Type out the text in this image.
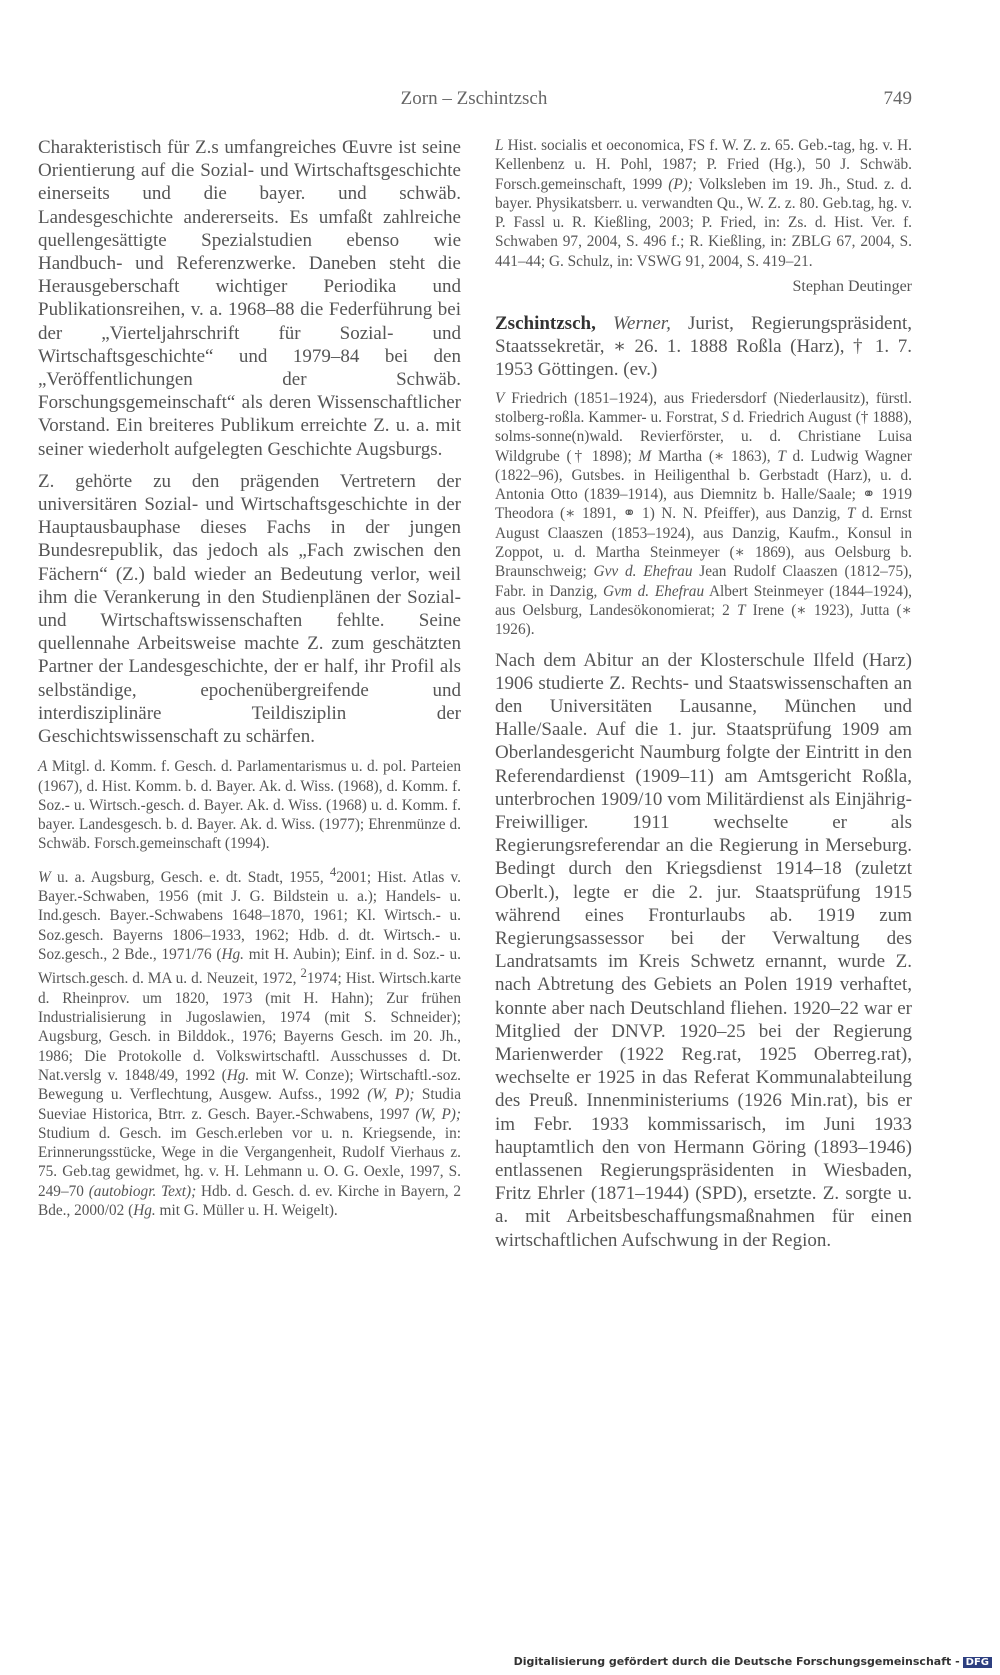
Zorn – Zschintzsch	749

Charakteristisch für Z.s umfangreiches Œuvre ist seine Orientierung auf die Sozial- und Wirtschaftsgeschichte einerseits und die bayer. und schwäb. Landesgeschichte andererseits. Es umfaßt zahlreiche quellengesättigte Spezialstudien ebenso wie Handbuch- und Referenzwerke. Daneben steht die Herausgeberschaft wichtiger Periodika und Publikationsreihen, v. a. 1968–88 die Federführung bei der „Vierteljahrschrift für Sozial- und Wirtschaftsgeschichte“ und 1979–84 bei den „Veröffentlichungen der Schwäb. Forschungsgemeinschaft“ als deren Wissenschaftlicher Vorstand. Ein breiteres Publikum erreichte Z. u. a. mit seiner wiederholt aufgelegten Geschichte Augsburgs.

Z. gehörte zu den prägenden Vertretern der universitären Sozial- und Wirtschaftsgeschichte in der Hauptausbauphase dieses Fachs in der jungen Bundesrepublik, das jedoch als „Fach zwischen den Fächern“ (Z.) bald wieder an Bedeutung verlor, weil ihm die Verankerung in den Studienplänen der Sozial- und Wirtschaftswissenschaften fehlte. Seine quellennahe Arbeitsweise machte Z. zum geschätzten Partner der Landesgeschichte, der er half, ihr Profil als selbständige, epochenübergreifende und interdisziplinäre Teildisziplin der Geschichtswissenschaft zu schärfen.

A Mitgl. d. Komm. f. Gesch. d. Parlamentarismus u. d. pol. Parteien (1967), d. Hist. Komm. b. d. Bayer. Ak. d. Wiss. (1968), d. Komm. f. Soz.- u. Wirtsch.-gesch. d. Bayer. Ak. d. Wiss. (1968) u. d. Komm. f. bayer. Landesgesch. b. d. Bayer. Ak. d. Wiss. (1977); Ehrenmünze d. Schwäb. Forsch.gemeinschaft (1994).

W u. a. Augsburg, Gesch. e. dt. Stadt, 1955, $^4$2001; Hist. Atlas v. Bayer.-Schwaben, 1956 (mit J. G. Bildstein u. a.); Handels- u. Ind.gesch. Bayer.-Schwabens 1648–1870, 1961; Kl. Wirtsch.- u. Soz.gesch. Bayerns 1806–1933, 1962; Hdb. d. dt. Wirtsch.- u. Soz.gesch., 2 Bde., 1971/76 (Hg. mit H. Aubin); Einf. in d. Soz.- u. Wirtsch.gesch. d. MA u. d. Neuzeit, 1972, $^2$1974; Hist. Wirtsch.karte d. Rheinprov. um 1820, 1973 (mit H. Hahn); Zur frühen Industrialisierung in Jugoslawien, 1974 (mit S. Schneider); Augsburg, Gesch. in Bilddok., 1976; Bayerns Gesch. im 20. Jh., 1986; Die Protokolle d. Volkswirtschaftl. Ausschusses d. Dt. Nat.verslg v. 1848/49, 1992 (Hg. mit W. Conze); Wirtschaftl.-soz. Bewegung u. Verflechtung, Ausgew. Aufss., 1992 (W, P); Studia Sueviae Historica, Btrr. z. Gesch. Bayer.-Schwabens, 1997 (W, P); Studium d. Gesch. im Gesch.erleben vor u. n. Kriegsende, in: Erinnerungsstücke, Wege in die Vergangenheit, Rudolf Vierhaus z. 75. Geb.tag gewidmet, hg. v. H. Lehmann u. O. G. Oexle, 1997, S. 249–70 (autobiogr. Text); Hdb. d. Gesch. d. ev. Kirche in Bayern, 2 Bde., 2000/02 (Hg. mit G. Müller u. H. Weigelt).

L Hist. socialis et oeconomica, FS f. W. Z. z. 65. Geb.-tag, hg. v. H. Kellenbenz u. H. Pohl, 1987; P. Fried (Hg.), 50 J. Schwäb. Forsch.gemeinschaft, 1999 (P); Volksleben im 19. Jh., Stud. z. d. bayer. Physikatsberr. u. verwandten Qu., W. Z. z. 80. Geb.tag, hg. v. P. Fassl u. R. Kießling, 2003; P. Fried, in: Zs. d. Hist. Ver. f. Schwaben 97, 2004, S. 496 f.; R. Kießling, in: ZBLG 67, 2004, S. 441–44; G. Schulz, in: VSWG 91, 2004, S. 419–21.

Stephan Deutinger

Zschintzsch, Werner, Jurist, Regierungspräsident, Staatssekretär, ∗ 26. 1. 1888 Roßla (Harz), † 1. 7. 1953 Göttingen. (ev.)

V Friedrich (1851–1924), aus Friedersdorf (Niederlausitz), fürstl. stolberg-roßla. Kammer- u. Forstrat, S d. Friedrich August († 1888), solms-sonne(n)wald. Revierförster, u. d. Christiane Luisa Wildgrube († 1898); M Martha (∗ 1863), T d. Ludwig Wagner (1822–96), Gutsbes. in Heiligenthal b. Gerbstadt (Harz), u. d. Antonia Otto (1839–1914), aus Diemnitz b. Halle/Saale; ⚭ 1919 Theodora (∗ 1891, ⚭ 1) N. N. Pfeiffer), aus Danzig, T d. Ernst August Claaszen (1853–1924), aus Danzig, Kaufm., Konsul in Zoppot, u. d. Martha Steinmeyer (∗ 1869), aus Oelsburg b. Braunschweig; Gvv d. Ehefrau Jean Rudolf Claaszen (1812–75), Fabr. in Danzig, Gvm d. Ehefrau Albert Steinmeyer (1844–1924), aus Oelsburg, Landesökonomierat; 2 T Irene (∗ 1923), Jutta (∗ 1926).

Nach dem Abitur an der Klosterschule Ilfeld (Harz) 1906 studierte Z. Rechts- und Staatswissenschaften an den Universitäten Lausanne, München und Halle/Saale. Auf die 1. jur. Staatsprüfung 1909 am Oberlandesgericht Naumburg folgte der Eintritt in den Referendardienst (1909–11) am Amtsgericht Roßla, unterbrochen 1909/10 vom Militärdienst als Einjährig-Freiwilliger. 1911 wechselte er als Regierungsreferendar an die Regierung in Merseburg. Bedingt durch den Kriegsdienst 1914–18 (zuletzt Oberlt.), legte er die 2. jur. Staatsprüfung 1915 während eines Fronturlaubs ab. 1919 zum Regierungsassessor bei der Verwaltung des Landratsamts im Kreis Schwetz ernannt, wurde Z. nach Abtretung des Gebiets an Polen 1919 verhaftet, konnte aber nach Deutschland fliehen. 1920–22 war er Mitglied der DNVP. 1920–25 bei der Regierung Marienwerder (1922 Reg.rat, 1925 Oberreg.rat), wechselte er 1925 in das Referat Kommunalabteilung des Preuß. Innenministeriums (1926 Min.rat), bis er im Febr. 1933 kommissarisch, im Juni 1933 hauptamtlich den von Hermann Göring (1893–1946) entlassenen Regierungspräsidenten in Wiesbaden, Fritz Ehrler (1871–1944) (SPD), ersetzte. Z. sorgte u. a. mit Arbeitsbeschaffungsmaßnahmen für einen wirtschaftlichen Aufschwung in der Region.

Digitalisierung gefördert durch die Deutsche Forschungsgemeinschaft - DFG
